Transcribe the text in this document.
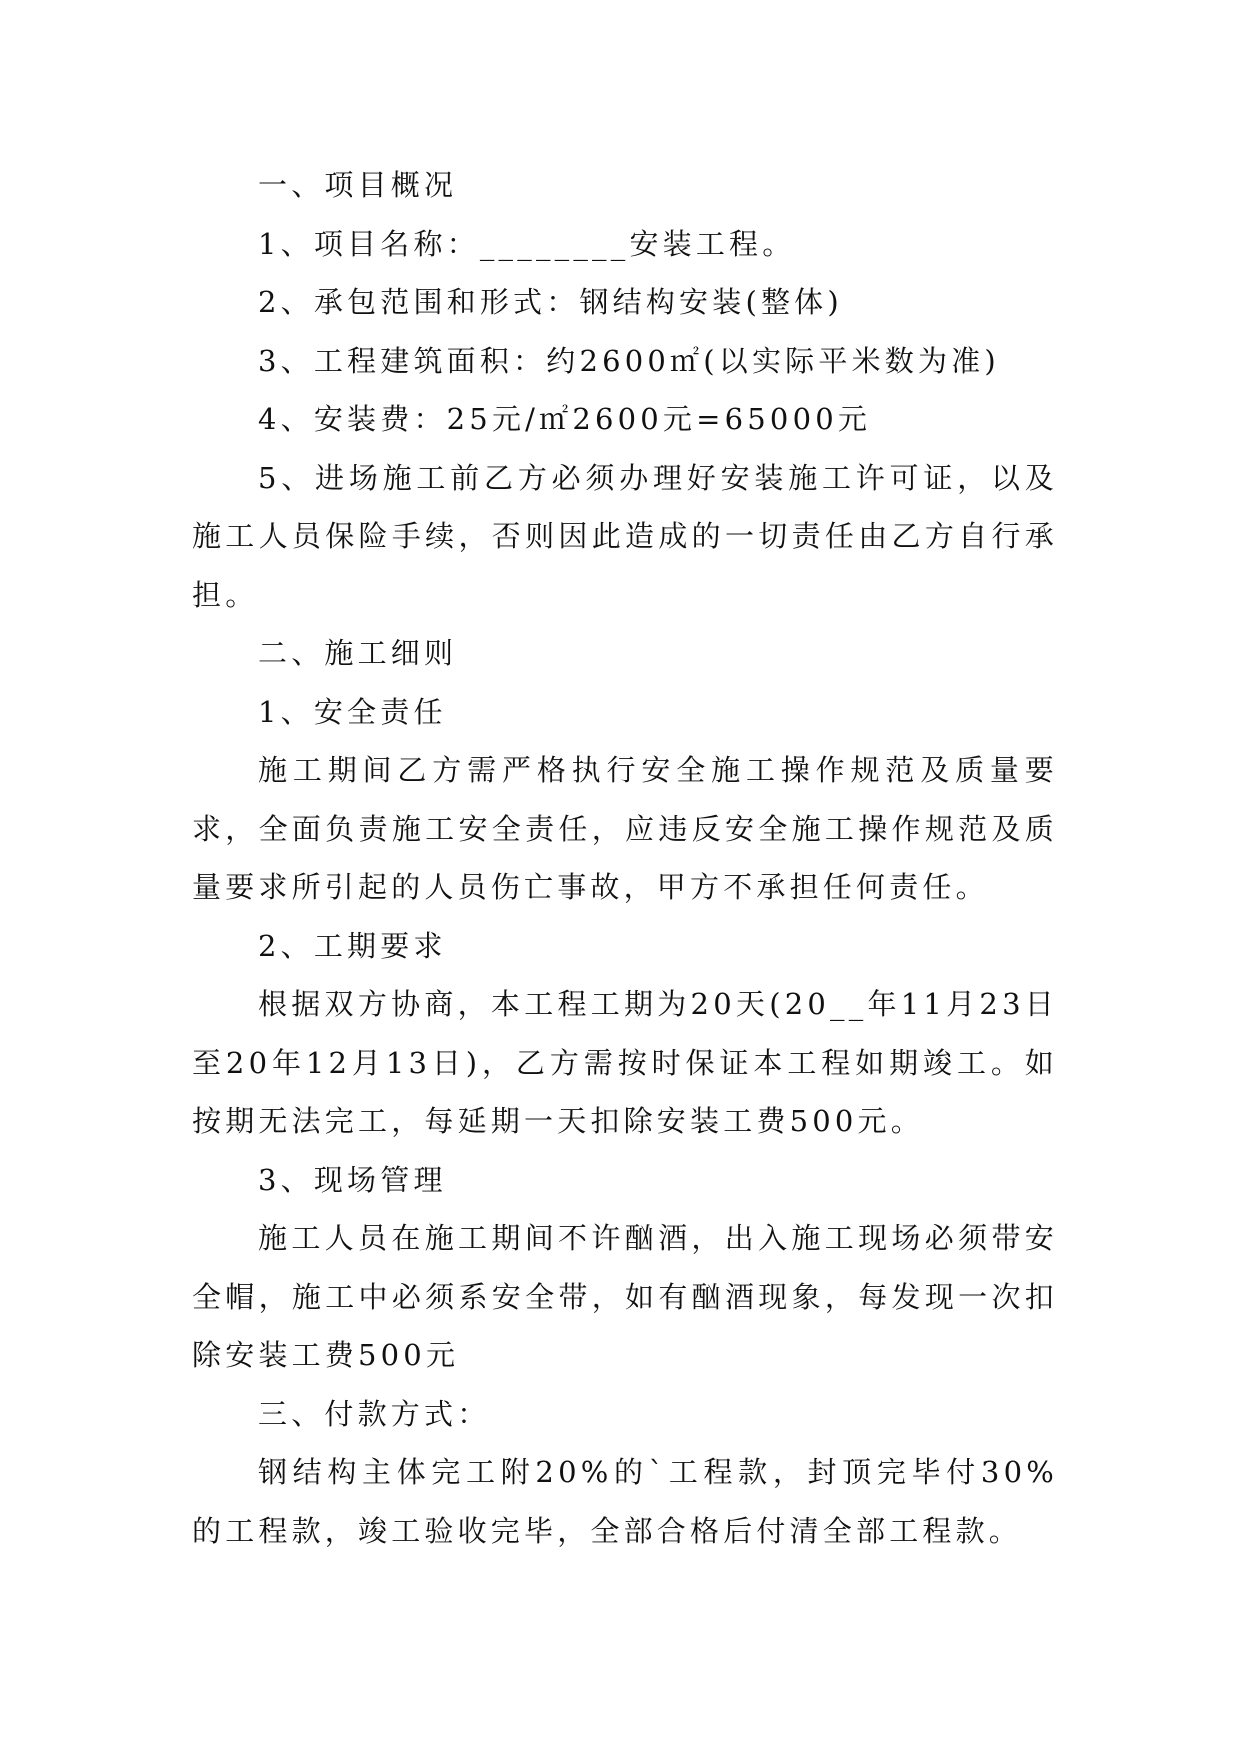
一、项目概况

1、项目名称：________安装工程。

2、承包范围和形式：钢结构安装(整体)

3、工程建筑面积：约2600㎡(以实际平米数为准)

4、安装费：25元/㎡2600元=65000元

5、进场施工前乙方必须办理好安装施工许可证，以及施工人员保险手续，否则因此造成的一切责任由乙方自行承担。

二、施工细则

1、安全责任

施工期间乙方需严格执行安全施工操作规范及质量要求，全面负责施工安全责任，应违反安全施工操作规范及质量要求所引起的人员伤亡事故，甲方不承担任何责任。

2、工期要求

根据双方协商，本工程工期为20天(20__年11月23日至20年12月13日)，乙方需按时保证本工程如期竣工。如按期无法完工，每延期一天扣除安装工费500元。

3、现场管理

施工人员在施工期间不许酗酒，出入施工现场必须带安全帽，施工中必须系安全带，如有酗酒现象，每发现一次扣除安装工费500元

三、付款方式：

钢结构主体完工附20%的`工程款，封顶完毕付30%的工程款，竣工验收完毕，全部合格后付清全部工程款。
